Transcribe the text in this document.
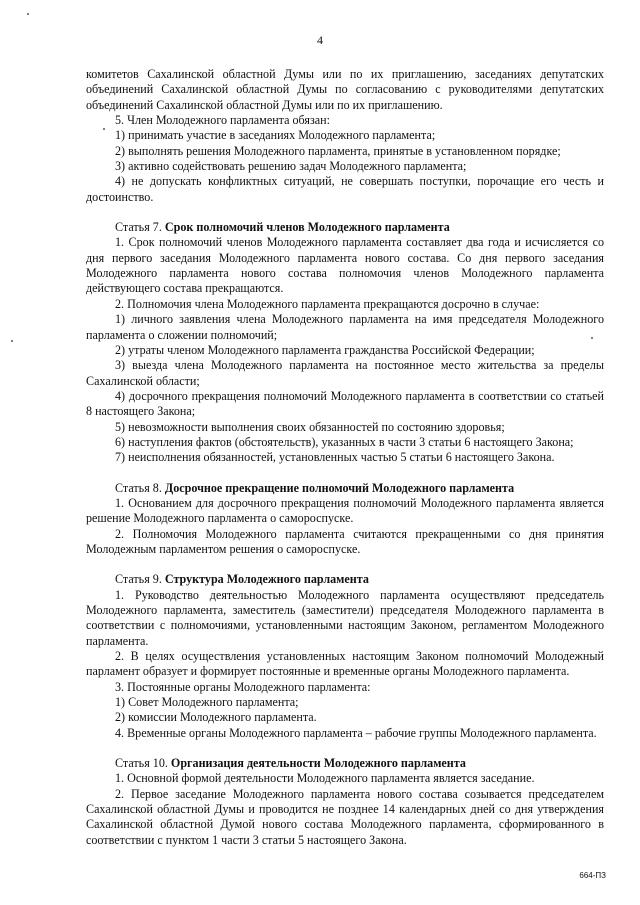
4

комитетов Сахалинской областной Думы или по их приглашению, заседаниях депутатских объединений Сахалинской областной Думы по согласованию с руководителями депутатских объединений Сахалинской областной Думы или по их приглашению.

5. Член Молодежного парламента обязан:

1) принимать участие в заседаниях Молодежного парламента;

2) выполнять решения Молодежного парламента, принятые в установленном порядке;

3) активно содействовать решению задач Молодежного парламента;

4) не допускать конфликтных ситуаций, не совершать поступки, порочащие его честь и достоинство.

Статья 7. Срок полномочий членов Молодежного парламента

1. Срок полномочий членов Молодежного парламента составляет два года и исчисляется со дня первого заседания Молодежного парламента нового состава. Со дня первого заседания Молодежного парламента нового состава полномочия членов Молодежного парламента действующего состава прекращаются.

2. Полномочия члена Молодежного парламента прекращаются досрочно в случае:

1) личного заявления члена Молодежного парламента на имя председателя Молодежного парламента о сложении полномочий;

2) утраты членом Молодежного парламента гражданства Российской Федерации;

3) выезда члена Молодежного парламента на постоянное место жительства за пределы Сахалинской области;

4) досрочного прекращения полномочий Молодежного парламента в соответствии со статьей 8 настоящего Закона;

5) невозможности выполнения своих обязанностей по состоянию здоровья;

6) наступления фактов (обстоятельств), указанных в части 3 статьи 6 настоящего Закона;

7) неисполнения обязанностей, установленных частью 5 статьи 6 настоящего Закона.

Статья 8. Досрочное прекращение полномочий Молодежного парламента

1. Основанием для досрочного прекращения полномочий Молодежного парламента является решение Молодежного парламента о самороспуске.

2. Полномочия Молодежного парламента считаются прекращенными со дня принятия Молодежным парламентом решения о самороспуске.

Статья 9. Структура Молодежного парламента

1. Руководство деятельностью Молодежного парламента осуществляют председатель Молодежного парламента, заместитель (заместители) председателя Молодежного парламента в соответствии с полномочиями, установленными настоящим Законом, регламентом Молодежного парламента.

2. В целях осуществления установленных настоящим Законом полномочий Молодежный парламент образует и формирует постоянные и временные органы Молодежного парламента.

3. Постоянные органы Молодежного парламента:

1) Совет Молодежного парламента;

2) комиссии Молодежного парламента.

4. Временные органы Молодежного парламента – рабочие группы Молодежного парламента.

Статья 10. Организация деятельности Молодежного парламента

1. Основной формой деятельности Молодежного парламента является заседание.

2. Первое заседание Молодежного парламента нового состава созывается председателем Сахалинской областной Думы и проводится не позднее 14 календарных дней со дня утверждения Сахалинской областной Думой нового состава Молодежного парламента, сформированного в соответствии с пунктом 1 части 3 статьи 5 настоящего Закона.

664-ПЗ
